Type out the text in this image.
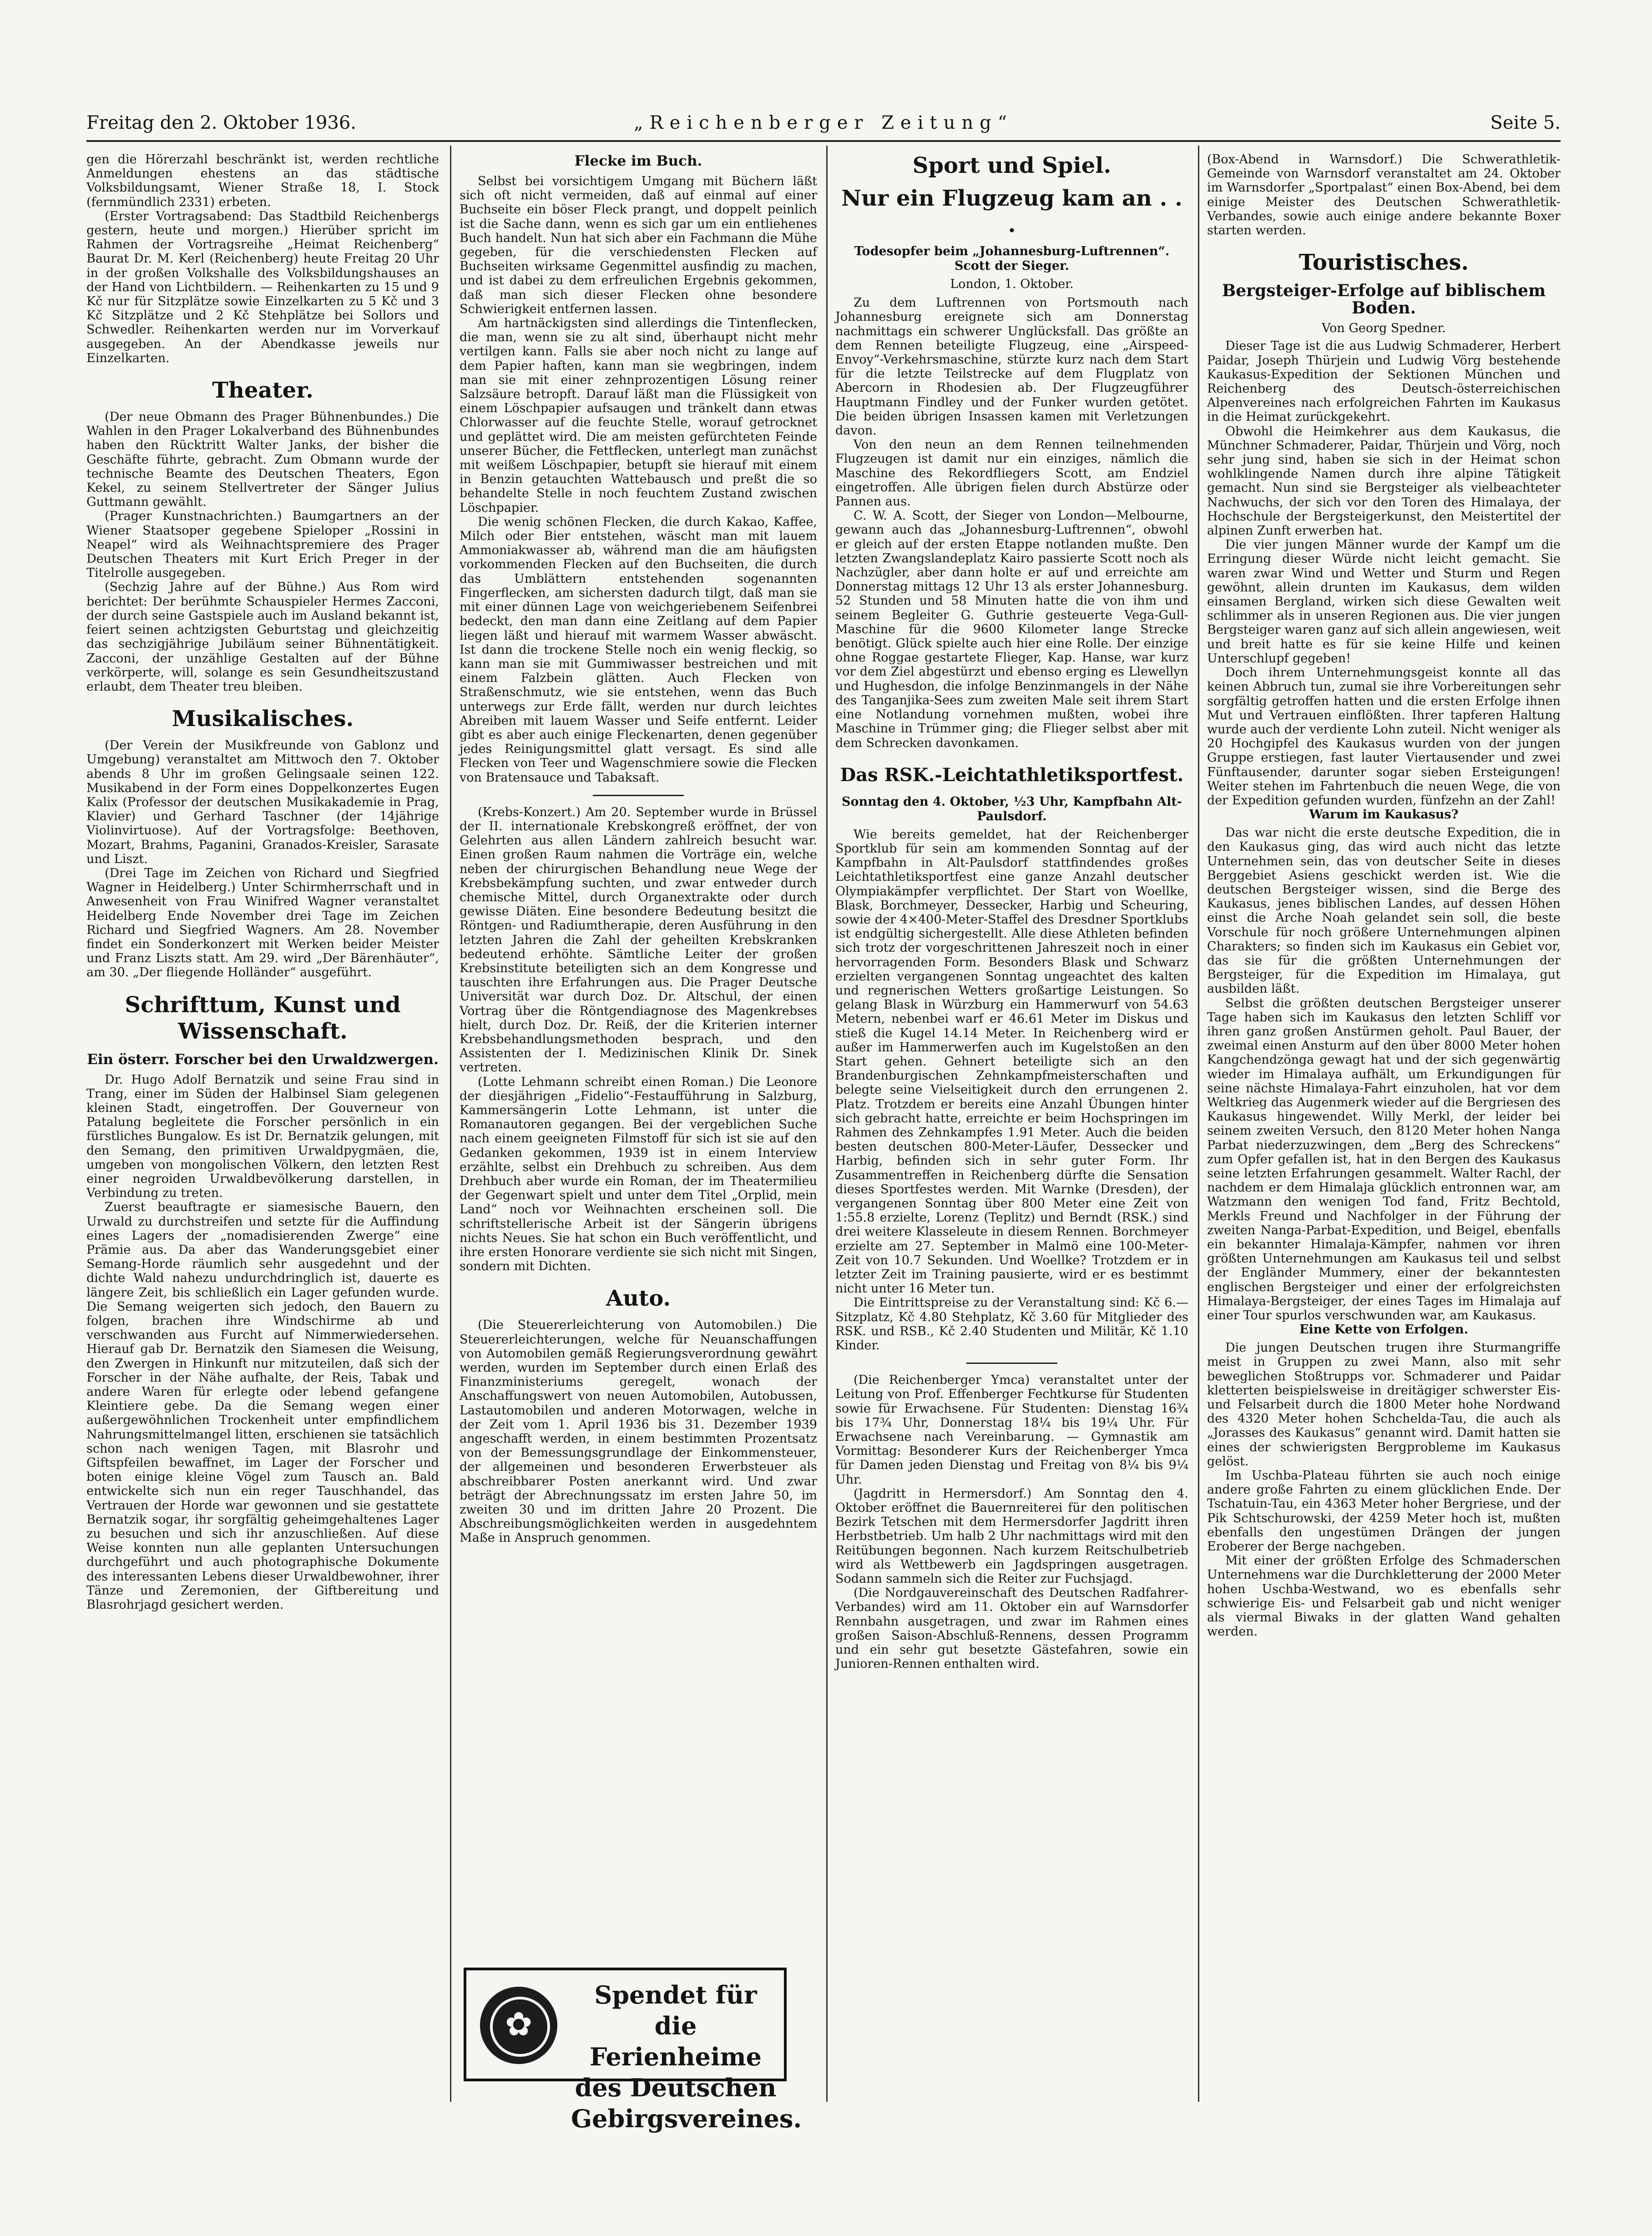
Freitag den 2. Oktober 1936.	„Reichenberger Zeitung“	Seite 5.

gen die Hörerzahl beschränkt ist, werden rechtliche Anmeldungen ehestens an das städtische Volksbildungsamt, Wiener Straße 18, I. Stock (fernmündlich 2331) erbeten.

(Erster Vortragsabend: Das Stadtbild Reichenbergs gestern, heute und morgen.) Hierüber spricht im Rahmen der Vortragsreihe „Heimat Reichenberg“ Baurat Dr. M. Kerl (Reichenberg) heute Freitag 20 Uhr in der großen Volkshalle des Volksbildungshauses an der Hand von Lichtbildern. — Reihenkarten zu 15 und 9 Kč nur für Sitzplätze sowie Einzelkarten zu 5 Kč und 3 Kč Sitzplätze und 2 Kč Stehplätze bei Sollors und Schwedler. Reihenkarten werden nur im Vorverkauf ausgegeben. An der Abendkasse jeweils nur Einzelkarten.

Theater.

(Der neue Obmann des Prager Bühnenbundes.) Die Wahlen in den Prager Lokalverband des Bühnenbundes haben den Rücktritt Walter Janks, der bisher die Geschäfte führte, gebracht. Zum Obmann wurde der technische Beamte des Deutschen Theaters, Egon Kekel, zu seinem Stellvertreter der Sänger Julius Guttmann gewählt.

(Prager Kunstnachrichten.) Baumgartners an der Wiener Staatsoper gegebene Spieloper „Rossini in Neapel“ wird als Weihnachtspremiere des Prager Deutschen Theaters mit Kurt Erich Preger in der Titelrolle ausgegeben.

(Sechzig Jahre auf der Bühne.) Aus Rom wird berichtet: Der berühmte Schauspieler Hermes Zacconi, der durch seine Gastspiele auch im Ausland bekannt ist, feiert seinen achtzigsten Geburtstag und gleichzeitig das sechzigjährige Jubiläum seiner Bühnentätigkeit. Zacconi, der unzählige Gestalten auf der Bühne verkörperte, will, solange es sein Gesundheitszustand erlaubt, dem Theater treu bleiben.

Musikalisches.

(Der Verein der Musikfreunde von Gablonz und Umgebung) veranstaltet am Mittwoch den 7. Oktober abends 8 Uhr im großen Gelingsaale seinen 122. Musikabend in der Form eines Doppelkonzertes Eugen Kalix (Professor der deutschen Musikakademie in Prag, Klavier) und Gerhard Taschner (der 14jährige Violinvirtuose). Auf der Vortragsfolge: Beethoven, Mozart, Brahms, Paganini, Granados-Kreisler, Sarasate und Liszt.

(Drei Tage im Zeichen von Richard und Siegfried Wagner in Heidelberg.) Unter Schirmherrschaft und in Anwesenheit von Frau Winifred Wagner veranstaltet Heidelberg Ende November drei Tage im Zeichen Richard und Siegfried Wagners. Am 28. November findet ein Sonderkonzert mit Werken beider Meister und Franz Liszts statt. Am 29. wird „Der Bärenhäuter“, am 30. „Der fliegende Holländer“ ausgeführt.

Schrifttum, Kunst und Wissenschaft.
Ein österr. Forscher bei den Urwaldzwergen.

Dr. Hugo Adolf Bernatzik und seine Frau sind in Trang, einer im Süden der Halbinsel Siam gelegenen kleinen Stadt, eingetroffen. Der Gouverneur von Patalung begleitete die Forscher persönlich in ein fürstliches Bungalow. Es ist Dr. Bernatzik gelungen, mit den Semang, den primitiven Urwaldpygmäen, die, umgeben von mongolischen Völkern, den letzten Rest einer negroiden Urwaldbevölkerung darstellen, in Verbindung zu treten.

Zuerst beauftragte er siamesische Bauern, den Urwald zu durchstreifen und setzte für die Auffindung eines Lagers der „nomadisierenden Zwerge“ eine Prämie aus. Da aber das Wanderungsgebiet einer Semang-Horde räumlich sehr ausgedehnt und der dichte Wald nahezu undurchdringlich ist, dauerte es längere Zeit, bis schließlich ein Lager gefunden wurde. Die Semang weigerten sich jedoch, den Bauern zu folgen, brachen ihre Windschirme ab und verschwanden aus Furcht auf Nimmerwiedersehen. Hierauf gab Dr. Bernatzik den Siamesen die Weisung, den Zwergen in Hinkunft nur mitzuteilen, daß sich der Forscher in der Nähe aufhalte, der Reis, Tabak und andere Waren für erlegte oder lebend gefangene Kleintiere gebe. Da die Semang wegen einer außergewöhnlichen Trockenheit unter empfindlichem Nahrungsmittelmangel litten, erschienen sie tatsächlich schon nach wenigen Tagen, mit Blasrohr und Giftspfeilen bewaffnet, im Lager der Forscher und boten einige kleine Vögel zum Tausch an. Bald entwickelte sich nun ein reger Tauschhandel, das Vertrauen der Horde war gewonnen und sie gestattete Bernatzik sogar, ihr sorgfältig geheimgehaltenes Lager zu besuchen und sich ihr anzuschließen. Auf diese Weise konnten nun alle geplanten Untersuchungen durchgeführt und auch photographische Dokumente des interessanten Lebens dieser Urwaldbewohner, ihrer Tänze und Zeremonien, der Giftbereitung und Blasrohrjagd gesichert werden.

Flecke im Buch.

Selbst bei vorsichtigem Umgang mit Büchern läßt sich oft nicht vermeiden, daß auf einmal auf einer Buchseite ein böser Fleck prangt, und doppelt peinlich ist die Sache dann, wenn es sich gar um ein entliehenes Buch handelt. Nun hat sich aber ein Fachmann die Mühe gegeben, für die verschiedensten Flecken auf Buchseiten wirksame Gegenmittel ausfindig zu machen, und ist dabei zu dem erfreulichen Ergebnis gekommen, daß man sich dieser Flecken ohne besondere Schwierigkeit entfernen lassen.

Am hartnäckigsten sind allerdings die Tintenflecken, die man, wenn sie zu alt sind, überhaupt nicht mehr vertilgen kann. Falls sie aber noch nicht zu lange auf dem Papier haften, kann man sie wegbringen, indem man sie mit einer zehnprozentigen Lösung reiner Salzsäure betropft. Darauf läßt man die Flüssigkeit von einem Löschpapier aufsaugen und tränkelt dann etwas Chlorwasser auf die feuchte Stelle, worauf getrocknet und geplättet wird. Die am meisten gefürchteten Feinde unserer Bücher, die Fettflecken, unterlegt man zunächst mit weißem Löschpapier, betupft sie hierauf mit einem in Benzin getauchten Wattebausch und preßt die so behandelte Stelle in noch feuchtem Zustand zwischen Löschpapier.

Die wenig schönen Flecken, die durch Kakao, Kaffee, Milch oder Bier entstehen, wäscht man mit lauem Ammoniakwasser ab, während man die am häufigsten vorkommenden Flecken auf den Buchseiten, die durch das Umblättern entstehenden sogenannten Fingerflecken, am sichersten dadurch tilgt, daß man sie mit einer dünnen Lage von weichgeriebenem Seifenbrei bedeckt, den man dann eine Zeitlang auf dem Papier liegen läßt und hierauf mit warmem Wasser abwäscht. Ist dann die trockene Stelle noch ein wenig fleckig, so kann man sie mit Gummiwasser bestreichen und mit einem Falzbein glätten. Auch Flecken von Straßenschmutz, wie sie entstehen, wenn das Buch unterwegs zur Erde fällt, werden nur durch leichtes Abreiben mit lauem Wasser und Seife entfernt. Leider gibt es aber auch einige Fleckenarten, denen gegenüber jedes Reinigungsmittel glatt versagt. Es sind alle Flecken von Teer und Wagenschmiere sowie die Flecken von Bratensauce und Tabaksaft.

(Krebs-Konzert.) Am 20. September wurde in Brüssel der II. internationale Krebskongreß eröffnet, der von Gelehrten aus allen Ländern zahlreich besucht war. Einen großen Raum nahmen die Vorträge ein, welche neben der chirurgischen Behandlung neue Wege der Krebsbekämpfung suchten, und zwar entweder durch chemische Mittel, durch Organextrakte oder durch gewisse Diäten. Eine besondere Bedeutung besitzt die Röntgen- und Radiumtherapie, deren Ausführung in den letzten Jahren die Zahl der geheilten Krebskranken bedeutend erhöhte. Sämtliche Leiter der großen Krebsinstitute beteiligten sich an dem Kongresse und tauschten ihre Erfahrungen aus. Die Prager Deutsche Universität war durch Doz. Dr. Altschul, der einen Vortrag über die Röntgendiagnose des Magenkrebses hielt, durch Doz. Dr. Reiß, der die Kriterien interner Krebsbehandlungsmethoden besprach, und den Assistenten der I. Medizinischen Klinik Dr. Sinek vertreten.

(Lotte Lehmann schreibt einen Roman.) Die Leonore der diesjährigen „Fidelio“-Festaufführung in Salzburg, Kammersängerin Lotte Lehmann, ist unter die Romanautoren gegangen. Bei der vergeblichen Suche nach einem geeigneten Filmstoff für sich ist sie auf den Gedanken gekommen, 1939 ist in einem Interview erzählte, selbst ein Drehbuch zu schreiben. Aus dem Drehbuch aber wurde ein Roman, der im Theatermilieu der Gegenwart spielt und unter dem Titel „Orplid, mein Land“ noch vor Weihnachten erscheinen soll. Die schriftstellerische Arbeit ist der Sängerin übrigens nichts Neues. Sie hat schon ein Buch veröffentlicht, und ihre ersten Honorare verdiente sie sich nicht mit Singen, sondern mit Dichten.

Auto.

(Die Steuererleichterung von Automobilen.) Die Steuererleichterungen, welche für Neuanschaffungen von Automobilen gemäß Regierungsverordnung gewährt werden, wurden im September durch einen Erlaß des Finanzministeriums geregelt, wonach der Anschaffungswert von neuen Automobilen, Autobussen, Lastautomobilen und anderen Motorwagen, welche in der Zeit vom 1. April 1936 bis 31. Dezember 1939 angeschafft werden, in einem bestimmten Prozentsatz von der Bemessungsgrundlage der Einkommensteuer, der allgemeinen und besonderen Erwerbsteuer als abschreibbarer Posten anerkannt wird. Und zwar beträgt der Abrechnungssatz im ersten Jahre 50, im zweiten 30 und im dritten Jahre 20 Prozent. Die Abschreibungsmöglichkeiten werden in ausgedehntem Maße in Anspruch genommen.

✿
Spendet für die
Ferienheime
des Deutschen
Gebirgsvereines.
Sport und Spiel.
Nur ein Flugzeug kam an . . .
Todesopfer beim „Johannesburg-Luftrennen“. Scott der Sieger.
London, 1. Oktober.

Zu dem Luftrennen von Portsmouth nach Johannesburg ereignete sich am Donnerstag nachmittags ein schwerer Unglücksfall. Das größte an dem Rennen beteiligte Flugzeug, eine „Airspeed-Envoy“-Verkehrsmaschine, stürzte kurz nach dem Start für die letzte Teilstrecke auf dem Flugplatz von Abercorn in Rhodesien ab. Der Flugzeugführer Hauptmann Findley und der Funker wurden getötet. Die beiden übrigen Insassen kamen mit Verletzungen davon.

Von den neun an dem Rennen teilnehmenden Flugzeugen ist damit nur ein einziges, nämlich die Maschine des Rekordfliegers Scott, am Endziel eingetroffen. Alle übrigen fielen durch Abstürze oder Pannen aus.

C. W. A. Scott, der Sieger von London—Melbourne, gewann auch das „Johannesburg-Luftrennen“, obwohl er gleich auf der ersten Etappe notlanden mußte. Den letzten Zwangslandeplatz Kairo passierte Scott noch als Nachzügler, aber dann holte er auf und erreichte am Donnerstag mittags 12 Uhr 13 als erster Johannesburg. 52 Stunden und 58 Minuten hatte die von ihm und seinem Begleiter G. Guthrie gesteuerte Vega-Gull-Maschine für die 9600 Kilometer lange Strecke benötigt. Glück spielte auch hier eine Rolle. Der einzige ohne Roggae gestartete Flieger, Kap. Hanse, war kurz vor dem Ziel abgestürzt und ebenso erging es Llewellyn und Hughesdon, die infolge Benzinmangels in der Nähe des Tanganjika-Sees zum zweiten Male seit ihrem Start eine Notlandung vornehmen mußten, wobei ihre Maschine in Trümmer ging; die Flieger selbst aber mit dem Schrecken davonkamen.

Das RSK.-Leichtathletiksportfest.
Sonntag den 4. Oktober, ½3 Uhr, Kampfbahn Alt-Paulsdorf.

Wie bereits gemeldet, hat der Reichenberger Sportklub für sein am kommenden Sonntag auf der Kampfbahn in Alt-Paulsdorf stattfindendes großes Leichtathletiksportfest eine ganze Anzahl deutscher Olympiakämpfer verpflichtet. Der Start von Woellke, Blask, Borchmeyer, Dessecker, Harbig und Scheuring, sowie der 4×400-Meter-Staffel des Dresdner Sportklubs ist endgültig sichergestellt. Alle diese Athleten befinden sich trotz der vorgeschrittenen Jahreszeit noch in einer hervorragenden Form. Besonders Blask und Schwarz erzielten vergangenen Sonntag ungeachtet des kalten und regnerischen Wetters großartige Leistungen. So gelang Blask in Würzburg ein Hammerwurf von 54.63 Metern, nebenbei warf er 46.61 Meter im Diskus und stieß die Kugel 14.14 Meter. In Reichenberg wird er außer im Hammerwerfen auch im Kugelstoßen an den Start gehen. Gehnert beteiligte sich an den Brandenburgischen Zehnkampfmeisterschaften und belegte seine Vielseitigkeit durch den errungenen 2. Platz. Trotzdem er bereits eine Anzahl Übungen hinter sich gebracht hatte, erreichte er beim Hochspringen im Rahmen des Zehnkampfes 1.91 Meter. Auch die beiden besten deutschen 800-Meter-Läufer, Dessecker und Harbig, befinden sich in sehr guter Form. Ihr Zusammentreffen in Reichenberg dürfte die Sensation dieses Sportfestes werden. Mit Warnke (Dresden), der vergangenen Sonntag über 800 Meter eine Zeit von 1:55.8 erzielte, Lorenz (Teplitz) und Berndt (RSK.) sind drei weitere Klasseleute in diesem Rennen. Borchmeyer erzielte am 27. September in Malmö eine 100-Meter-Zeit von 10.7 Sekunden. Und Woellke? Trotzdem er in letzter Zeit im Training pausierte, wird er es bestimmt nicht unter 16 Meter tun.

Die Eintrittspreise zu der Veranstaltung sind: Kč 6.— Sitzplatz, Kč 4.80 Stehplatz, Kč 3.60 für Mitglieder des RSK. und RSB., Kč 2.40 Studenten und Militär, Kč 1.10 Kinder.

(Die Reichenberger Ymca) veranstaltet unter der Leitung von Prof. Effenberger Fechtkurse für Studenten sowie für Erwachsene. Für Studenten: Dienstag 16¾ bis 17¾ Uhr, Donnerstag 18¼ bis 19¼ Uhr. Für Erwachsene nach Vereinbarung. — Gymnastik am Vormittag: Besonderer Kurs der Reichenberger Ymca für Damen jeden Dienstag und Freitag von 8¼ bis 9¼ Uhr.

(Jagdritt in Hermersdorf.) Am Sonntag den 4. Oktober eröffnet die Bauernreiterei für den politischen Bezirk Tetschen mit dem Hermersdorfer Jagdritt ihren Herbstbetrieb. Um halb 2 Uhr nachmittags wird mit den Reitübungen begonnen. Nach kurzem Reitschulbetrieb wird als Wettbewerb ein Jagdspringen ausgetragen. Sodann sammeln sich die Reiter zur Fuchsjagd.

(Die Nordgauvereinschaft des Deutschen Radfahrer-Verbandes) wird am 11. Oktober ein auf Warnsdorfer Rennbahn ausgetragen, und zwar im Rahmen eines großen Saison-Abschluß-Rennens, dessen Programm und ein sehr gut besetzte Gästefahren, sowie ein Junioren-Rennen enthalten wird.

(Box-Abend in Warnsdorf.) Die Schwerathletik-Gemeinde von Warnsdorf veranstaltet am 24. Oktober im Warnsdorfer „Sportpalast“ einen Box-Abend, bei dem einige Meister des Deutschen Schwerathletik-Verbandes, sowie auch einige andere bekannte Boxer starten werden.

Touristisches.
Bergsteiger-Erfolge auf biblischem Boden.
Von Georg Spedner.

Dieser Tage ist die aus Ludwig Schmaderer, Herbert Paidar, Joseph Thürjein und Ludwig Vörg bestehende Kaukasus-Expedition der Sektionen München und Reichenberg des Deutsch-österreichischen Alpenvereines nach erfolgreichen Fahrten im Kaukasus in die Heimat zurückgekehrt.

Obwohl die Heimkehrer aus dem Kaukasus, die Münchner Schmaderer, Paidar, Thürjein und Vörg, noch sehr jung sind, haben sie sich in der Heimat schon wohlklingende Namen durch ihre alpine Tätigkeit gemacht. Nun sind sie Bergsteiger als vielbeachteter Nachwuchs, der sich vor den Toren des Himalaya, der Hochschule der Bergsteigerkunst, den Meistertitel der alpinen Zunft erwerben hat.

Die vier jungen Männer wurde der Kampf um die Erringung dieser Würde nicht leicht gemacht. Sie waren zwar Wind und Wetter und Sturm und Regen gewöhnt, allein drunten im Kaukasus, dem wilden einsamen Bergland, wirken sich diese Gewalten weit schlimmer als in unseren Regionen aus. Die vier jungen Bergsteiger waren ganz auf sich allein angewiesen, weit und breit hatte es für sie keine Hilfe und keinen Unterschlupf gegeben!

Doch ihrem Unternehmungsgeist konnte all das keinen Abbruch tun, zumal sie ihre Vorbereitungen sehr sorgfältig getroffen hatten und die ersten Erfolge ihnen Mut und Vertrauen einflößten. Ihrer tapferen Haltung wurde auch der verdiente Lohn zuteil. Nicht weniger als 20 Hochgipfel des Kaukasus wurden von der jungen Gruppe erstiegen, fast lauter Viertausender und zwei Fünftausender, darunter sogar sieben Ersteigungen! Weiter stehen im Fahrtenbuch die neuen Wege, die von der Expedition gefunden wurden, fünfzehn an der Zahl!

Warum im Kaukasus?

Das war nicht die erste deutsche Expedition, die in den Kaukasus ging, das wird auch nicht das letzte Unternehmen sein, das von deutscher Seite in dieses Berggebiet Asiens geschickt werden ist. Wie die deutschen Bergsteiger wissen, sind die Berge des Kaukasus, jenes biblischen Landes, auf dessen Höhen einst die Arche Noah gelandet sein soll, die beste Vorschule für noch größere Unternehmungen alpinen Charakters; so finden sich im Kaukasus ein Gebiet vor, das sie für die größten Unternehmungen der Bergsteiger, für die Expedition im Himalaya, gut ausbilden läßt.

Selbst die größten deutschen Bergsteiger unserer Tage haben sich im Kaukasus den letzten Schliff vor ihren ganz großen Anstürmen geholt. Paul Bauer, der zweimal einen Ansturm auf den über 8000 Meter hohen Kangchendzönga gewagt hat und der sich gegenwärtig wieder im Himalaya aufhält, um Erkundigungen für seine nächste Himalaya-Fahrt einzuholen, hat vor dem Weltkrieg das Augenmerk wieder auf die Bergriesen des Kaukasus hingewendet. Willy Merkl, der leider bei seinem zweiten Versuch, den 8120 Meter hohen Nanga Parbat niederzuzwingen, dem „Berg des Schreckens“ zum Opfer gefallen ist, hat in den Bergen des Kaukasus seine letzten Erfahrungen gesammelt. Walter Rachl, der nachdem er dem Himalaja glücklich entronnen war, am Watzmann den wenigen Tod fand, Fritz Bechtold, Merkls Freund und Nachfolger in der Führung der zweiten Nanga-Parbat-Expedition, und Beigel, ebenfalls ein bekannter Himalaja-Kämpfer, nahmen vor ihren größten Unternehmungen am Kaukasus teil und selbst der Engländer Mummery, einer der bekanntesten englischen Bergsteiger und einer der erfolgreichsten Himalaya-Bergsteiger, der eines Tages im Himalaja auf einer Tour spurlos verschwunden war, am Kaukasus.

Eine Kette von Erfolgen.

Die jungen Deutschen trugen ihre Sturmangriffe meist in Gruppen zu zwei Mann, also mit sehr beweglichen Stoßtrupps vor. Schmaderer und Paidar kletterten beispielsweise in dreitägiger schwerster Eis- und Felsarbeit durch die 1800 Meter hohe Nordwand des 4320 Meter hohen Schchelda-Tau, die auch als „Jorasses des Kaukasus“ genannt wird. Damit hatten sie eines der schwierigsten Bergprobleme im Kaukasus gelöst.

Im Uschba-Plateau führten sie auch noch einige andere große Fahrten zu einem glücklichen Ende. Der Tschatuin-Tau, ein 4363 Meter hoher Bergriese, und der Pik Schtschurowski, der 4259 Meter hoch ist, mußten ebenfalls den ungestümen Drängen der jungen Eroberer der Berge nachgeben.

Mit einer der größten Erfolge des Schmaderschen Unternehmens war die Durchkletterung der 2000 Meter hohen Uschba-Westwand, wo es ebenfalls sehr schwierige Eis- und Felsarbeit gab und nicht weniger als viermal Biwaks in der glatten Wand gehalten werden.
